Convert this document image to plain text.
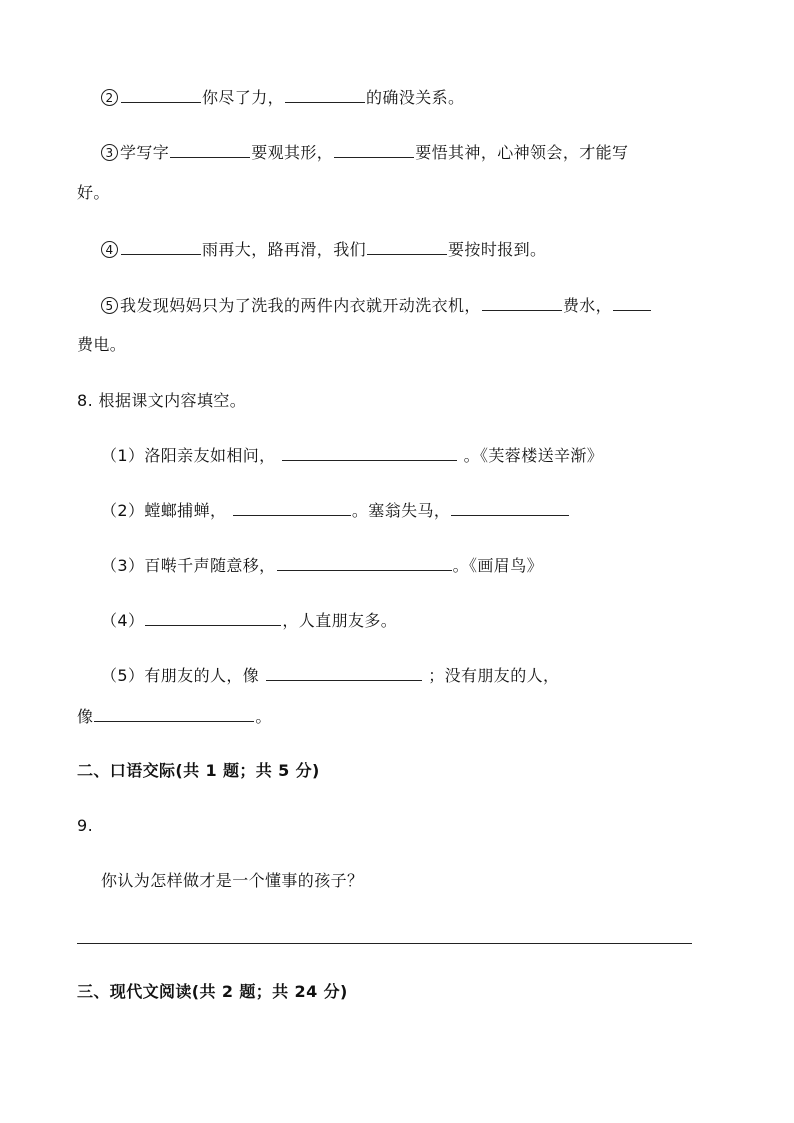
2	你尽了力，	的确没关系。
3 学写字	要观其形，	要悟其神，心神领会，才能写
好。
4	雨再大，路再滑，我们	要按时报到。
5 我发现妈妈只为了洗我的两件内衣就开动洗衣机，	费水，
费电。
8. 根据课文内容填空。
（1）洛阳亲友如相问，	。《芙蓉楼送辛渐》
（2）螳螂捕蝉，	。塞翁失马，
（3）百啭千声随意移，	。《画眉鸟》
（4）	，人直朋友多。
（5）有朋友的人，像	；没有朋友的人，
像	。
二、口语交际(共 1 题；共 5 分)
9.
你认为怎样做才是一个懂事的孩子？
三、现代文阅读(共 2 题；共 24 分)
